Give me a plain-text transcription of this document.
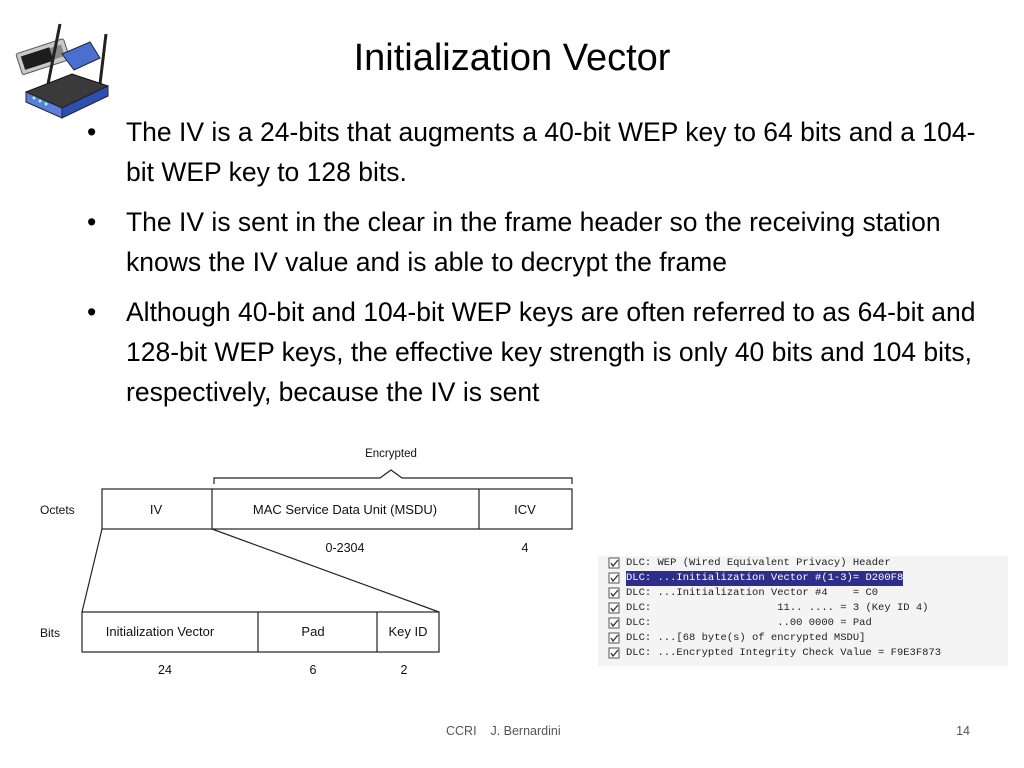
Initialization Vector
• The IV is a 24-bits that augments a 40-bit WEP key to 64 bits and a 104-bit WEP key to 128 bits.
• The IV is sent in the clear in the frame header so the receiving station knows the IV value and is able to decrypt the frame
• Although 40-bit and 104-bit WEP keys are often referred to as 64-bit and 128-bit WEP keys, the effective key strength is only 40 bits and 104 bits, respectively, because the IV is sent
Encrypted
Octets	IV	MAC Service Data Unit (MSDU)	ICV
0-2304	4
Bits	Initialization Vector	Pad	Key ID
24	6	2
DLC: WEP (Wired Equivalent Privacy) Header
DLC: ...Initialization Vector #(1-3)= D200F8
DLC: ...Initialization Vector #4    = C0
DLC:                    11.. .... = 3 (Key ID 4)
DLC:                    ..00 0000 = Pad
DLC: ...[68 byte(s) of encrypted MSDU]
DLC: ...Encrypted Integrity Check Value = F9E3F873
CCRI    J. Bernardini	14
